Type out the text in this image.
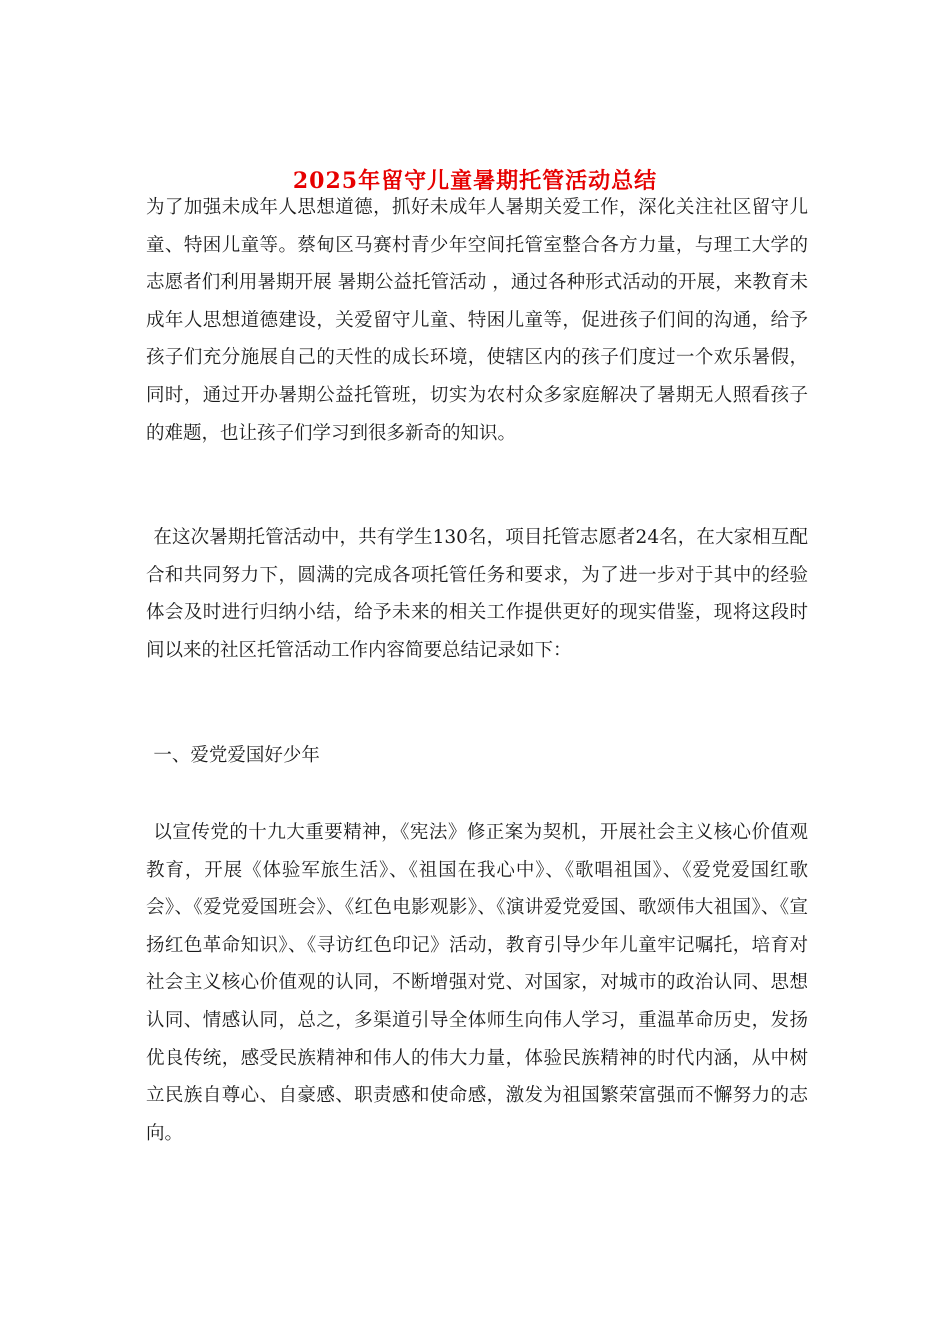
2025年留守儿童暑期托管活动总结

为了加强未成年人思想道德，抓好未成年人暑期关爱工作，深化关注社区留守儿童、特困儿童等。蔡甸区马赛村青少年空间托管室整合各方力量，与理工大学的志愿者们利用暑期开展 暑期公益托管活动 ，通过各种形式活动的开展，来教育未成年人思想道德建设，关爱留守儿童、特困儿童等，促进孩子们间的沟通，给予孩子们充分施展自己的天性的成长环境，使辖区内的孩子们度过一个欢乐暑假，同时，通过开办暑期公益托管班，切实为农村众多家庭解决了暑期无人照看孩子的难题，也让孩子们学习到很多新奇的知识。

在这次暑期托管活动中，共有学生130名，项目托管志愿者24名，在大家相互配合和共同努力下，圆满的完成各项托管任务和要求，为了进一步对于其中的经验体会及时进行归纳小结，给予未来的相关工作提供更好的现实借鉴，现将这段时间以来的社区托管活动工作内容简要总结记录如下：

一、爱党爱国好少年

以宣传党的十九大重要精神，《宪法》修正案为契机，开展社会主义核心价值观教育，开展《体验军旅生活》、《祖国在我心中》、《歌唱祖国》、《爱党爱国红歌会》、《爱党爱国班会》、《红色电影观影》、《演讲爱党爱国、歌颂伟大祖国》、《宣扬红色革命知识》、《寻访红色印记》活动，教育引导少年儿童牢记嘱托，培育对社会主义核心价值观的认同，不断增强对党、对国家，对城市的政治认同、思想认同、情感认同，总之，多渠道引导全体师生向伟人学习，重温革命历史，发扬优良传统，感受民族精神和伟人的伟大力量，体验民族精神的时代内涵，从中树立民族自尊心、自豪感、职责感和使命感，激发为祖国繁荣富强而不懈努力的志向。
